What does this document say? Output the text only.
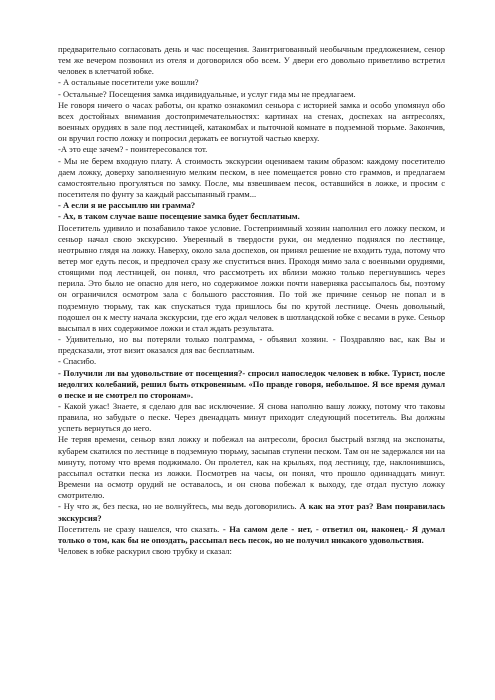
предварительно согласовать день и час посещения. Заинтригованный необычным предложением, сенор тем же вечером позвонил из отеля и договорился обо всем. У двери его довольно приветливо встретил человек в клетчатой юбке.

- А остальные посетители уже вошли?

- Остальные? Посещения замка индивидуальные, и услуг гида мы не предлагаем.

Не говоря ничего о часах работы, он кратко ознакомил сеньора с историей замка и особо упомянул обо всех достойных внимания достопримечательностях: картинах на стенах, доспехах на антресолях, военных орудиях в зале под лестницей, катакомбах и пыточной комнате в подземной тюрьме. Закончив, он вручил гостю ложку и попросил держать ее вогнутой частью кверху.

-А это еще зачем? - поинтересовался тот.

- Мы не берем входную плату. А стоимость экскурсии оцениваем таким образом: каждому посетителю даем ложку, доверху заполненную мелким песком, в нее помещается ровно сто граммов, и предлагаем самостоятельно прогуляться по замку. После, мы взвешиваем песок, оставшийся в ложке, и просим с посетителя по фунту за каждый рассыпанный грамм...

- А если я не рассыплю ни грамма?

- Ах, в таком случае ваше посещение замка будет бесплатным.

Посетитель удивило и позабавило такое условие. Гостеприимный хозяин наполнил его ложку песком, и сеньор начал свою экскурсию. Уверенный в твердости руки, он медленно поднялся по лестнице, неотрывно глядя на ложку. Наверху, около зала доспехов, он принял решение не входить туда, потому что ветер мог едуть песок, и предпочел сразу же спуститься вниз. Проходя мимо зала с военными орудиями, стоящими под лестницей, он понял, что рассмотреть их вблизи можно только перегнувшись через перила. Это было не опасно для него, но содержимое ложки почти наверняка рассыпалось бы, поэтому он ограничился осмотром зала с большого расстояния. По той же причине сеньор не попал и в подземную тюрьму, так как спускаться туда пришлось бы по крутой лестнице. Очень довольный, подошел он к месту начала экскурсии, где его ждал человек в шотландской юбке с весами в руке. Сеньор высыпал в них содержимое ложки и стал ждать результата.

- Удивительно, но вы потеряли только полграмма, - объявил хозяин. - Поздравляю вас, как Вы и предсказали, этот визит оказался для вас бесплатным.

- Спасибо.

- Получили ли вы удовольствие от посещения?- спросил напоследок человек в юбке. Турист, после недолгих колебаний, решил быть откровенным. «По правде говоря, небольшое. Я все время думал о песке и не смотрел по сторонам».

- Какой ужас! Знаете, я сделаю для вас исключение. Я снова наполню вашу ложку, потому что таковы правила, но забудьте о песке. Через двенадцать минут приходит следующий посетитель. Вы должны успеть вернуться до него.

Не теряя времени, сеньор взял ложку и побежал на антресоли, бросил быстрый взгляд на экспонаты, кубарем скатился по лестнице в подземную тюрьму, засыпав ступени песком. Там он не задержался ни на минуту, потому что время поджимало. Он пролетел, как на крыльях, под лестницу, где, наклонившись, рассыпал остатки песка из ложки. Посмотрев на часы, он понял, что прошло одиннадцать минут. Времени на осмотр орудий не оставалось, и он снова побежал к выходу, где отдал пустую ложку смотрителю.

- Ну что ж, без песка, но не волнуйтесь, мы ведь договорились. А как на этот раз? Вам понравилась экскурсия?

Посетитель не сразу нашелся, что сказать. - На самом деле - нет, - ответил он, наконец.- Я думал только о том, как бы не опоздать, рассыпал весь песок, но не получил никакого удовольствия.

Человек в юбке раскурил свою трубку и сказал:
